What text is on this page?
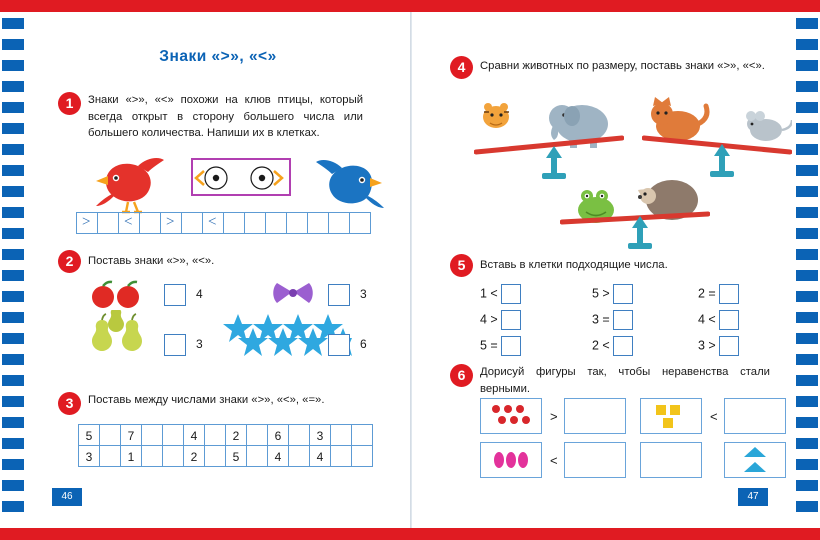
Знаки «>», «<»
1	Знаки «>», «<» похожи на клюв птицы, который всегда открыт в сторону большего числа или большего количества. Напиши их в клетках.
> < > <
2	Поставь знаки «>», «<».
4	3
3	6
3	Поставь между числами знаки «>», «<», «=».
5	7	4	2	6	3
3	1	2	5	4	4
46
4	Сравни животных по размеру, поставь знаки «>», «<».
5	Вставь в клетки подходящие числа.
1 <	5 >	2 =
4 >	3 =	4 <
5 =	2 <	3 >
6	Дорисуй фигуры так, чтобы неравенства стали верными.
>	<
<
47
